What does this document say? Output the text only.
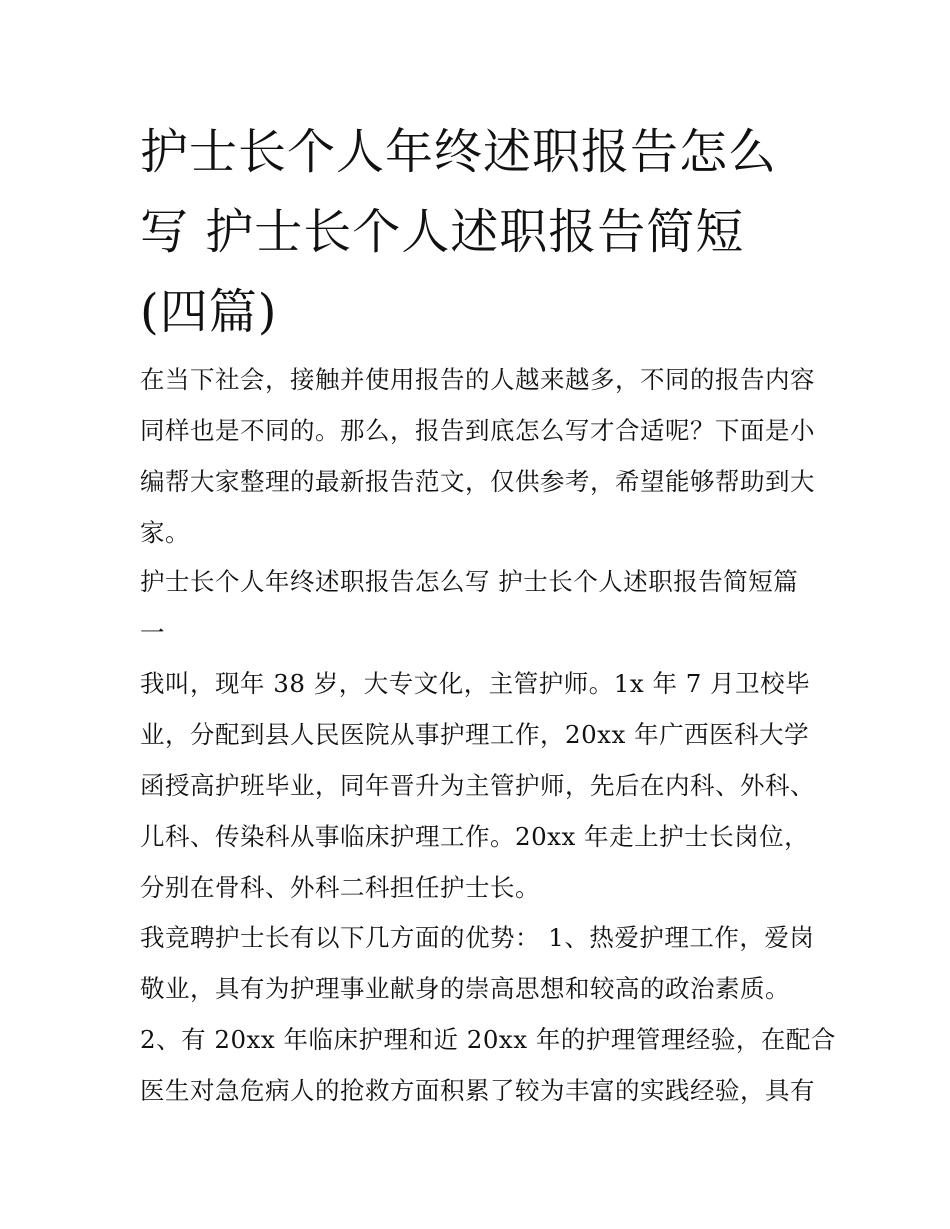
护士长个人年终述职报告怎么
写 护士长个人述职报告简短
(四篇)
在当下社会，接触并使用报告的人越来越多，不同的报告内容
同样也是不同的。那么，报告到底怎么写才合适呢？下面是小
编帮大家整理的最新报告范文，仅供参考，希望能够帮助到大
家。
护士长个人年终述职报告怎么写 护士长个人述职报告简短篇
一
我叫，现年 38 岁，大专文化，主管护师。1x 年 7 月卫校毕
业，分配到县人民医院从事护理工作，20xx 年广西医科大学
函授高护班毕业，同年晋升为主管护师，先后在内科、外科、
儿科、传染科从事临床护理工作。20xx 年走上护士长岗位，
分别在骨科、外科二科担任护士长。
我竞聘护士长有以下几方面的优势： 1、热爱护理工作，爱岗
敬业，具有为护理事业献身的崇高思想和较高的政治素质。
2、有 20xx 年临床护理和近 20xx 年的护理管理经验，在配合
医生对急危病人的抢救方面积累了较为丰富的实践经验，具有
